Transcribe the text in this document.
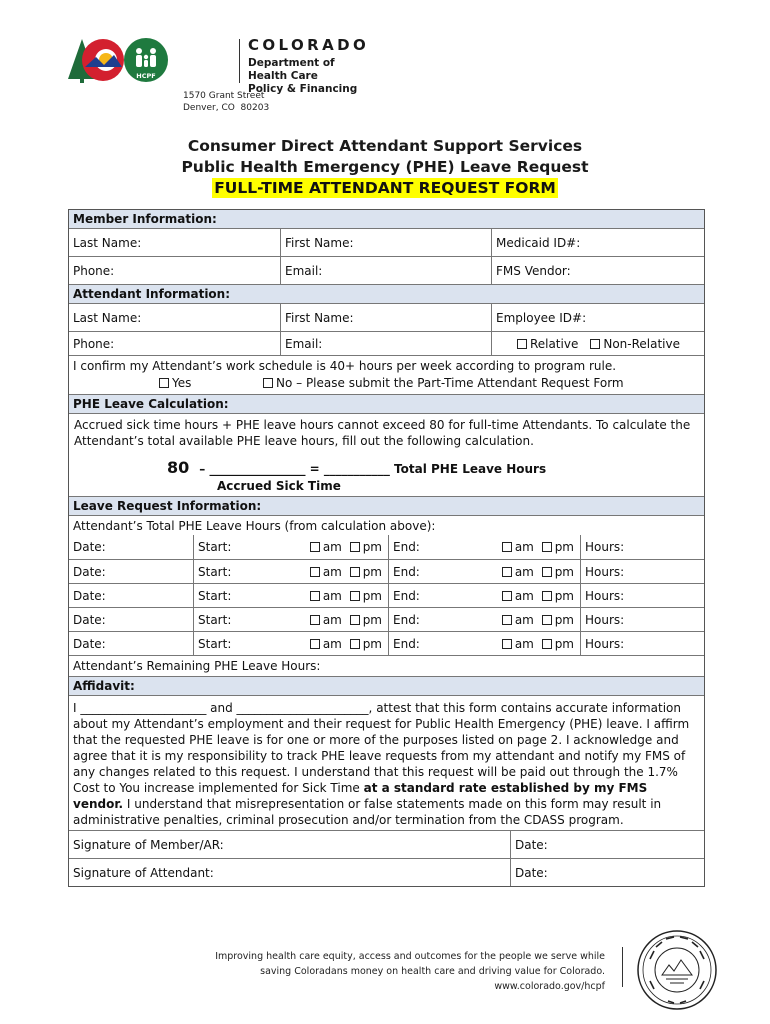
HCPF
COLORADO
Department of Health Care
Policy & Financing
1570 Grant Street
Denver, CO  80203
Consumer Direct Attendant Support Services
Public Health Emergency (PHE) Leave Request
FULL-TIME ATTENDANT REQUEST FORM
Member Information:
Last Name:	First Name:	Medicaid ID#:
Phone:	Email:	FMS Vendor:
Attendant Information:
Last Name:	First Name:	Employee ID#:
Phone:	Email:	Relative Non-Relative
I confirm my Attendant’s work schedule is 40+ hours per week according to program rule.
Yes	No – Please submit the Part-Time Attendant Request Form
PHE Leave Calculation:
Accrued sick time hours + PHE leave hours cannot exceed 80 for full-time Attendants. To calculate the Attendant’s total available PHE leave hours, fill out the following calculation.
80 – ________________ = ___________ Total PHE Leave Hours
Accrued Sick Time
Leave Request Information:
Attendant’s Total PHE Leave Hours (from calculation above):
Date:	Start:	am pm End:	am pm Hours:
Date:	Start:	am pm End:	am pm Hours:
Date:	Start:	am pm End:	am pm Hours:
Date:	Start:	am pm End:	am pm Hours:
Date:	Start:	am pm End:	am pm Hours:
Attendant’s Remaining PHE Leave Hours:
Affidavit:
I _____________________ and ______________________, attest that this form contains accurate information about my Attendant’s employment and their request for Public Health Emergency (PHE) leave. I affirm that the requested PHE leave is for one or more of the purposes listed on page 2. I acknowledge and agree that it is my responsibility to track PHE leave requests from my attendant and notify my FMS of any changes related to this request. I understand that this request will be paid out through the 1.7% Cost to You increase implemented for Sick Time at a standard rate established by my FMS vendor. I understand that misrepresentation or false statements made on this form may result in administrative penalties, criminal prosecution and/or termination from the CDASS program.
Signature of Member/AR:	Date:
Signature of Attendant:	Date:
Improving health care equity, access and outcomes for the people we serve while
saving Coloradans money on health care and driving value for Colorado.
www.colorado.gov/hcpf
